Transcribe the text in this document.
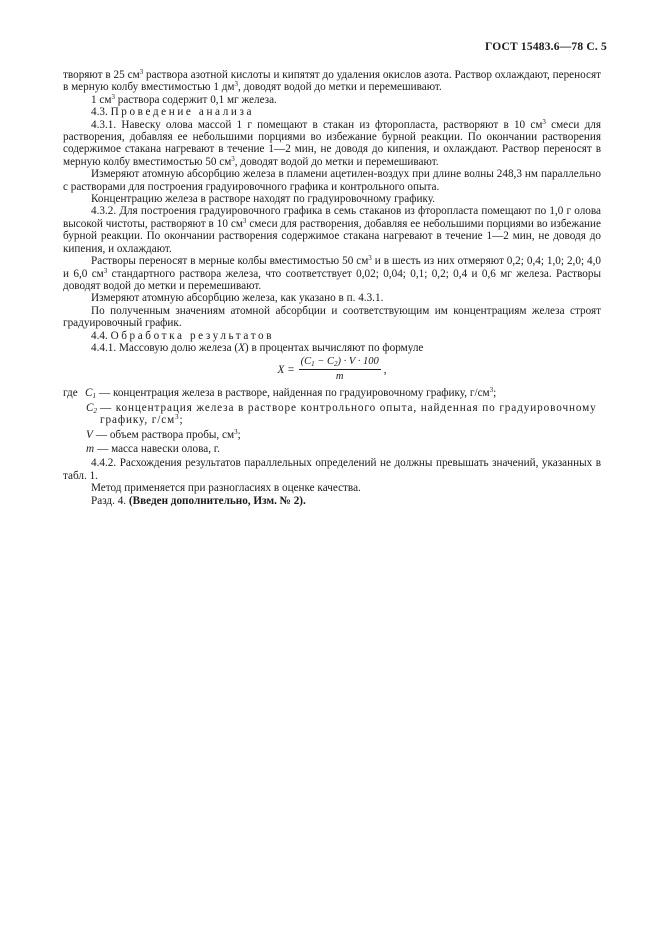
ГОСТ 15483.6—78 С. 5

творяют в 25 $см^3$ раствора азотной кислоты и кипятят до удаления окислов азота. Раствор охлаждают, переносят в мерную колбу вместимостью 1 $дм^3$, доводят водой до метки и перемешивают.

1 $см^3$ раствора содержит 0,1 мг железа.

4.3. Проведение анализа

4.3.1. Навеску олова массой 1 г помещают в стакан из фторопласта, растворяют в 10 $см^3$ смеси для растворения, добавляя ее небольшими порциями во избежание бурной реакции. По окончании растворения содержимое стакана нагревают в течение 1—2 мин, не доводя до кипения, и охлаждают. Раствор переносят в мерную колбу вместимостью 50 $см^3$, доводят водой до метки и перемешивают.

Измеряют атомную абсорбцию железа в пламени ацетилен-воздух при длине волны 248,3 нм параллельно с растворами для построения градуировочного графика и контрольного опыта.

Концентрацию железа в растворе находят по градуировочному графику.

4.3.2. Для построения градуировочного графика в семь стаканов из фторопласта помещают по 1,0 г олова высокой чистоты, растворяют в 10 $см^3$ смеси для растворения, добавляя ее небольшими порциями во избежание бурной реакции. По окончании растворения содержимое стакана нагревают в течение 1—2 мин, не доводя до кипения, и охлаждают.

Растворы переносят в мерные колбы вместимостью 50 $см^3$ и в шесть из них отмеряют 0,2; 0,4; 1,0; 2,0; 4,0 и 6,0 $см^3$ стандартного раствора железа, что соответствует 0,02; 0,04; 0,1; 0,2; 0,4 и 0,6 мг железа. Растворы доводят водой до метки и перемешивают.

Измеряют атомную абсорбцию железа, как указано в п. 4.3.1.

По полученным значениям атомной абсорбции и соответствующим им концентрациям железа строят градуировочный график.

4.4. Обработка результатов

4.4.1. Массовую долю железа (X) в процентах вычисляют по формуле

$X = \frac{(C_1 - C_2) \cdot V \cdot 100}{m}$ ,
где $C_1$ — концентрация железа в растворе, найденная по градуировочному графику, $г/см^3$;
$C_2$ — концентрация железа в растворе контрольного опыта, найденная по градуировочному графику, $г/см^3$;
V — объем раствора пробы, $см^3$;
m — масса навески олова, г.

4.4.2. Расхождения результатов параллельных определений не должны превышать значений, указанных в табл. 1.

Метод применяется при разногласиях в оценке качества.

Разд. 4. (Введен дополнительно, Изм. № 2).
